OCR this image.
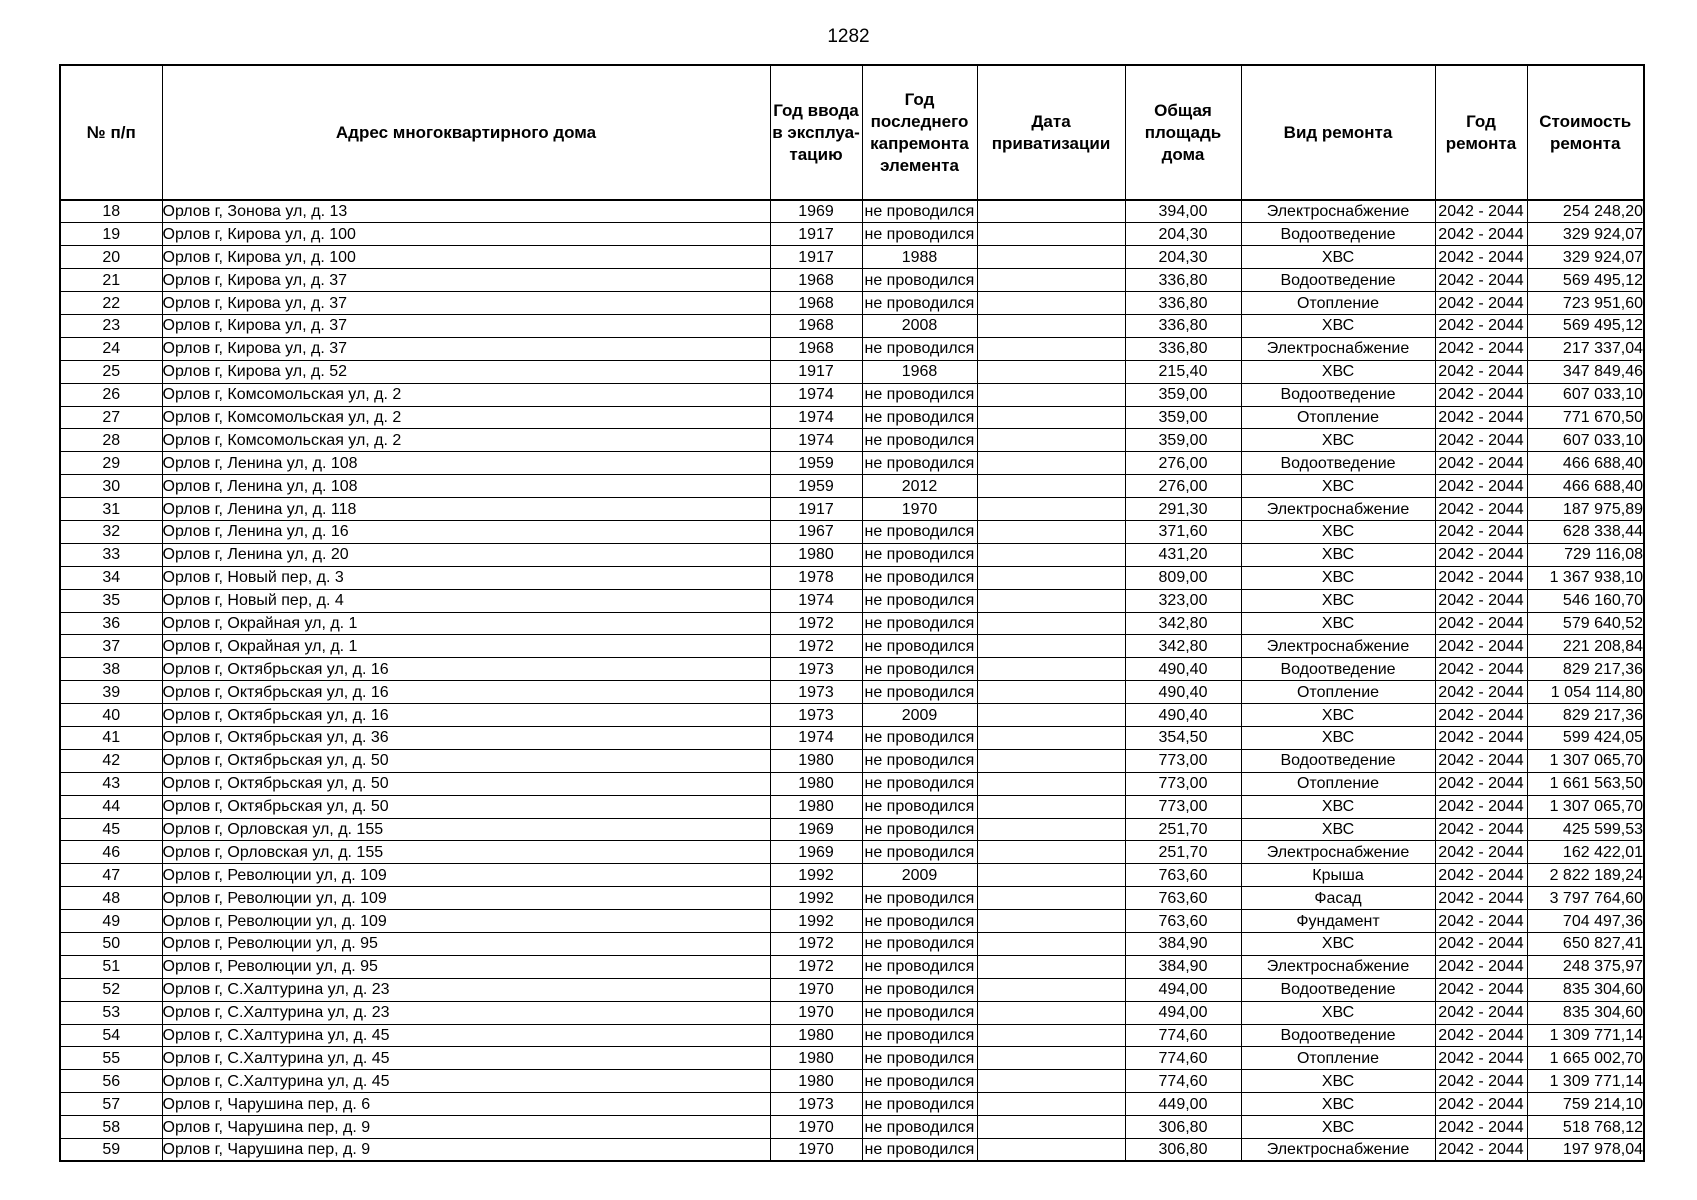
1282
№ п/п	Адрес многоквартирного дома	Год ввода в эксплуа-тацию	Год последнего капремонта элемента	Дата приватизации	Общая площадь дома	Вид ремонта	Год ремонта	Стоимость ремонта
18	Орлов г, Зонова ул, д. 13	1969	не проводился		394,00	Электроснабжение	2042 - 2044	254 248,20
19	Орлов г, Кирова ул, д. 100	1917	не проводился		204,30	Водоотведение	2042 - 2044	329 924,07
20	Орлов г, Кирова ул, д. 100	1917	1988		204,30	ХВС	2042 - 2044	329 924,07
21	Орлов г, Кирова ул, д. 37	1968	не проводился		336,80	Водоотведение	2042 - 2044	569 495,12
22	Орлов г, Кирова ул, д. 37	1968	не проводился		336,80	Отопление	2042 - 2044	723 951,60
23	Орлов г, Кирова ул, д. 37	1968	2008		336,80	ХВС	2042 - 2044	569 495,12
24	Орлов г, Кирова ул, д. 37	1968	не проводился		336,80	Электроснабжение	2042 - 2044	217 337,04
25	Орлов г, Кирова ул, д. 52	1917	1968		215,40	ХВС	2042 - 2044	347 849,46
26	Орлов г, Комсомольская ул, д. 2	1974	не проводился		359,00	Водоотведение	2042 - 2044	607 033,10
27	Орлов г, Комсомольская ул, д. 2	1974	не проводился		359,00	Отопление	2042 - 2044	771 670,50
28	Орлов г, Комсомольская ул, д. 2	1974	не проводился		359,00	ХВС	2042 - 2044	607 033,10
29	Орлов г, Ленина ул, д. 108	1959	не проводился		276,00	Водоотведение	2042 - 2044	466 688,40
30	Орлов г, Ленина ул, д. 108	1959	2012		276,00	ХВС	2042 - 2044	466 688,40
31	Орлов г, Ленина ул, д. 118	1917	1970		291,30	Электроснабжение	2042 - 2044	187 975,89
32	Орлов г, Ленина ул, д. 16	1967	не проводился		371,60	ХВС	2042 - 2044	628 338,44
33	Орлов г, Ленина ул, д. 20	1980	не проводился		431,20	ХВС	2042 - 2044	729 116,08
34	Орлов г, Новый пер, д. 3	1978	не проводился		809,00	ХВС	2042 - 2044	1 367 938,10
35	Орлов г, Новый пер, д. 4	1974	не проводился		323,00	ХВС	2042 - 2044	546 160,70
36	Орлов г, Окрайная ул, д. 1	1972	не проводился		342,80	ХВС	2042 - 2044	579 640,52
37	Орлов г, Окрайная ул, д. 1	1972	не проводился		342,80	Электроснабжение	2042 - 2044	221 208,84
38	Орлов г, Октябрьская ул, д. 16	1973	не проводился		490,40	Водоотведение	2042 - 2044	829 217,36
39	Орлов г, Октябрьская ул, д. 16	1973	не проводился		490,40	Отопление	2042 - 2044	1 054 114,80
40	Орлов г, Октябрьская ул, д. 16	1973	2009		490,40	ХВС	2042 - 2044	829 217,36
41	Орлов г, Октябрьская ул, д. 36	1974	не проводился		354,50	ХВС	2042 - 2044	599 424,05
42	Орлов г, Октябрьская ул, д. 50	1980	не проводился		773,00	Водоотведение	2042 - 2044	1 307 065,70
43	Орлов г, Октябрьская ул, д. 50	1980	не проводился		773,00	Отопление	2042 - 2044	1 661 563,50
44	Орлов г, Октябрьская ул, д. 50	1980	не проводился		773,00	ХВС	2042 - 2044	1 307 065,70
45	Орлов г, Орловская ул, д. 155	1969	не проводился		251,70	ХВС	2042 - 2044	425 599,53
46	Орлов г, Орловская ул, д. 155	1969	не проводился		251,70	Электроснабжение	2042 - 2044	162 422,01
47	Орлов г, Революции ул, д. 109	1992	2009		763,60	Крыша	2042 - 2044	2 822 189,24
48	Орлов г, Революции ул, д. 109	1992	не проводился		763,60	Фасад	2042 - 2044	3 797 764,60
49	Орлов г, Революции ул, д. 109	1992	не проводился		763,60	Фундамент	2042 - 2044	704 497,36
50	Орлов г, Революции ул, д. 95	1972	не проводился		384,90	ХВС	2042 - 2044	650 827,41
51	Орлов г, Революции ул, д. 95	1972	не проводился		384,90	Электроснабжение	2042 - 2044	248 375,97
52	Орлов г, С.Халтурина ул, д. 23	1970	не проводился		494,00	Водоотведение	2042 - 2044	835 304,60
53	Орлов г, С.Халтурина ул, д. 23	1970	не проводился		494,00	ХВС	2042 - 2044	835 304,60
54	Орлов г, С.Халтурина ул, д. 45	1980	не проводился		774,60	Водоотведение	2042 - 2044	1 309 771,14
55	Орлов г, С.Халтурина ул, д. 45	1980	не проводился		774,60	Отопление	2042 - 2044	1 665 002,70
56	Орлов г, С.Халтурина ул, д. 45	1980	не проводился		774,60	ХВС	2042 - 2044	1 309 771,14
57	Орлов г, Чарушина пер, д. 6	1973	не проводился		449,00	ХВС	2042 - 2044	759 214,10
58	Орлов г, Чарушина пер, д. 9	1970	не проводился		306,80	ХВС	2042 - 2044	518 768,12
59	Орлов г, Чарушина пер, д. 9	1970	не проводился		306,80	Электроснабжение	2042 - 2044	197 978,04
